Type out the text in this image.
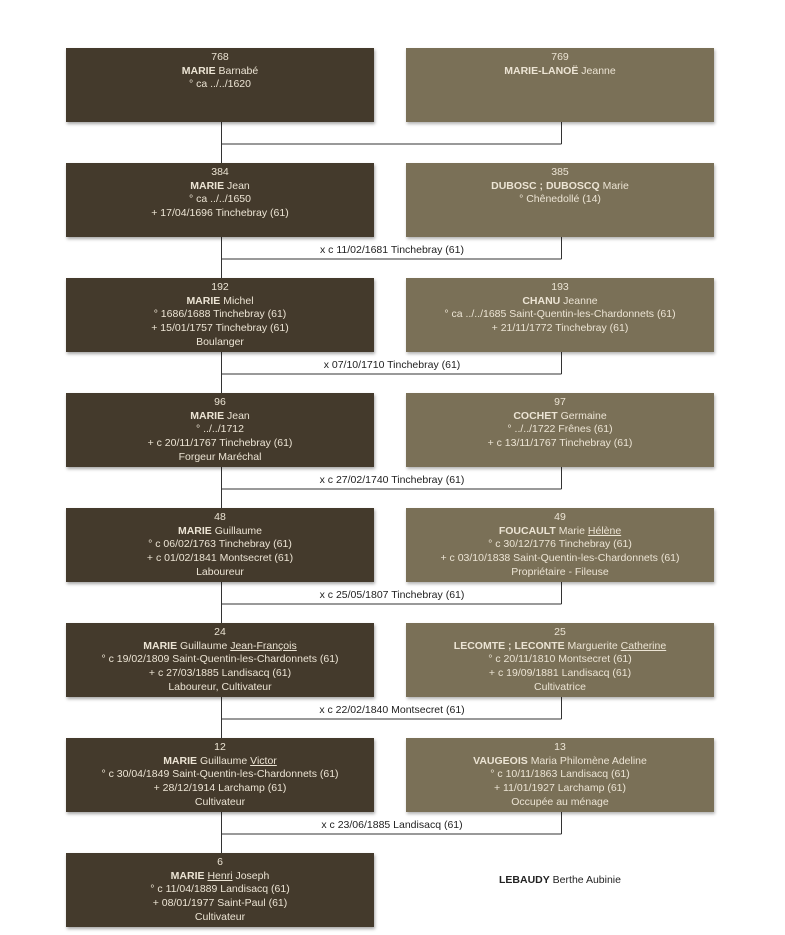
768
MARIE Barnabé
° ca ../../1620
769
MARIE-LANOË Jeanne
384
MARIE Jean
° ca ../../1650
+ 17/04/1696 Tinchebray (61)
385
DUBOSC ; DUBOSCQ Marie
° Chênedollé (14)
x c 11/02/1681 Tinchebray (61)
192
MARIE Michel
° 1686/1688 Tinchebray (61)
+ 15/01/1757 Tinchebray (61)
Boulanger
193
CHANU Jeanne
° ca ../../1685 Saint-Quentin-les-Chardonnets (61)
+ 21/11/1772 Tinchebray (61)
x 07/10/1710 Tinchebray (61)
96
MARIE Jean
° ../../1712
+ c 20/11/1767 Tinchebray (61)
Forgeur Maréchal
97
COCHET Germaine
° ../../1722 Frênes (61)
+ c 13/11/1767 Tinchebray (61)
x c 27/02/1740 Tinchebray (61)
48
MARIE Guillaume
° c 06/02/1763 Tinchebray (61)
+ c 01/02/1841 Montsecret (61)
Laboureur
49
FOUCAULT Marie Hélène
° c 30/12/1776 Tinchebray (61)
+ c 03/10/1838 Saint-Quentin-les-Chardonnets (61)
Propriétaire - Fileuse
x c 25/05/1807 Tinchebray (61)
24
MARIE Guillaume Jean-François
° c 19/02/1809 Saint-Quentin-les-Chardonnets (61)
+ c 27/03/1885 Landisacq (61)
Laboureur, Cultivateur
25
LECOMTE ; LECONTE Marguerite Catherine
° c 20/11/1810 Montsecret (61)
+ c 19/09/1881 Landisacq (61)
Cultivatrice
x c 22/02/1840 Montsecret (61)
12
MARIE Guillaume Victor
° c 30/04/1849 Saint-Quentin-les-Chardonnets (61)
+ 28/12/1914 Larchamp (61)
Cultivateur
13
VAUGEOIS Maria Philomène Adeline
° c 10/11/1863 Landisacq (61)
+ 11/01/1927 Larchamp (61)
Occupée au ménage
x c 23/06/1885 Landisacq (61)
6
MARIE Henri Joseph
° c 11/04/1889 Landisacq (61)
+ 08/01/1977 Saint-Paul (61)
Cultivateur
LEBAUDY Berthe Aubinie
